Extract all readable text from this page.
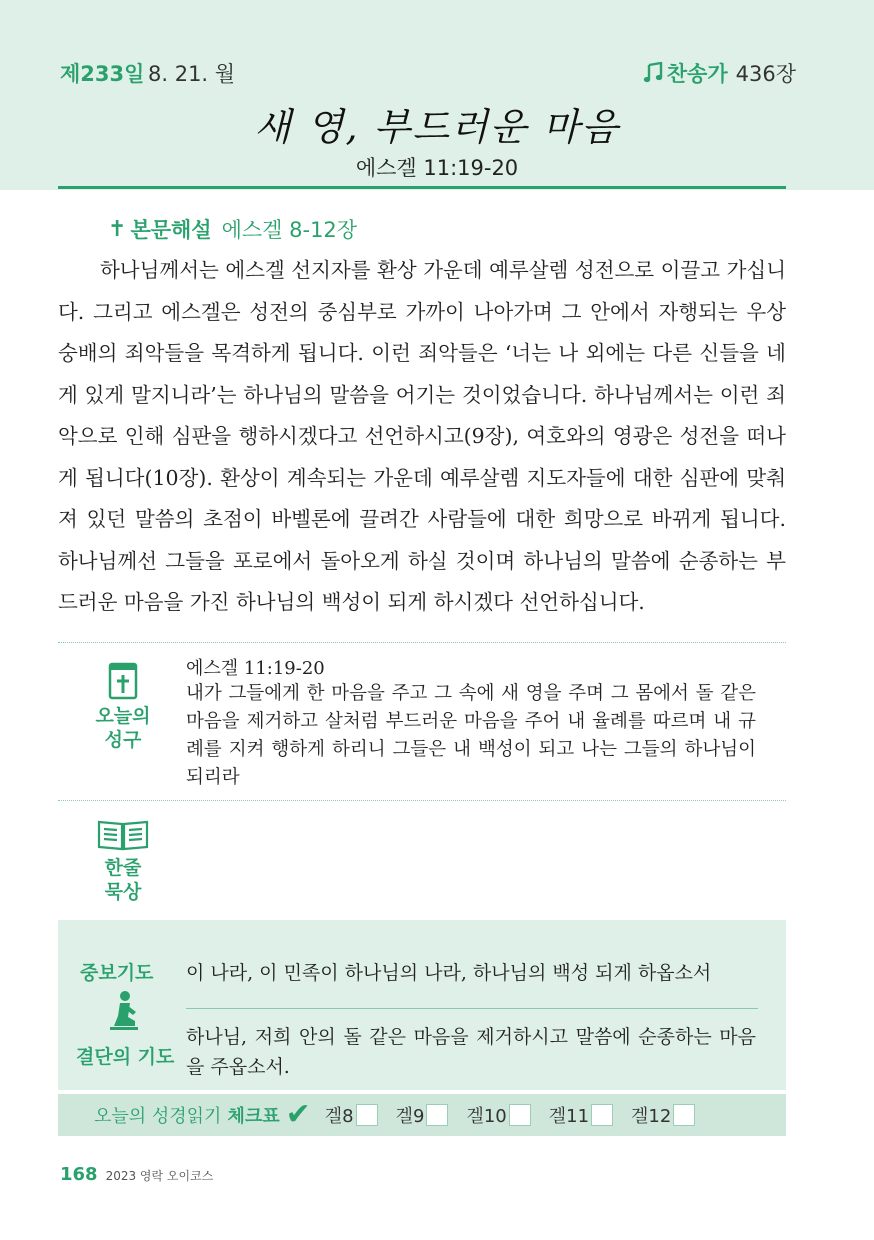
제233일 8. 21. 월	찬송가 436장
새 영, 부드러운 마음
에스겔 11:19-20
✝ 본문해설 에스겔 8-12장

하나님께서는 에스겔 선지자를 환상 가운데 예루살렘 성전으로 이끌고 가십니다. 그리고 에스겔은 성전의 중심부로 가까이 나아가며 그 안에서 자행되는 우상 숭배의 죄악들을 목격하게 됩니다. 이런 죄악들은 ‘너는 나 외에는 다른 신들을 네게 있게 말지니라’는 하나님의 말씀을 어기는 것이었습니다. 하나님께서는 이런 죄악으로 인해 심판을 행하시겠다고 선언하시고(9장), 여호와의 영광은 성전을 떠나게 됩니다(10장). 환상이 계속되는 가운데 예루살렘 지도자들에 대한 심판에 맞춰져 있던 말씀의 초점이 바벨론에 끌려간 사람들에 대한 희망으로 바뀌게 됩니다. 하나님께선 그들을 포로에서 돌아오게 하실 것이며 하나님의 말씀에 순종하는 부드러운 마음을 가진 하나님의 백성이 되게 하시겠다 선언하십니다.

오늘의
성구
에스겔 11:19-20

내가 그들에게 한 마음을 주고 그 속에 새 영을 주며 그 몸에서 돌 같은 마음을 제거하고 살처럼 부드러운 마음을 주어 내 율례를 따르며 내 규례를 지켜 행하게 하리니 그들은 내 백성이 되고 나는 그들의 하나님이 되리라

한줄
묵상
중보기도 이 나라, 이 민족이 하나님의 나라, 하나님의 백성 되게 하옵소서
결단의 기도

하나님, 저희 안의 돌 같은 마음을 제거하시고 말씀에 순종하는 마음을 주옵소서.

오늘의 성경읽기 체크표 ✔ 겔8 겔9 겔10 겔11 겔12
168 2023 영락 오이코스
